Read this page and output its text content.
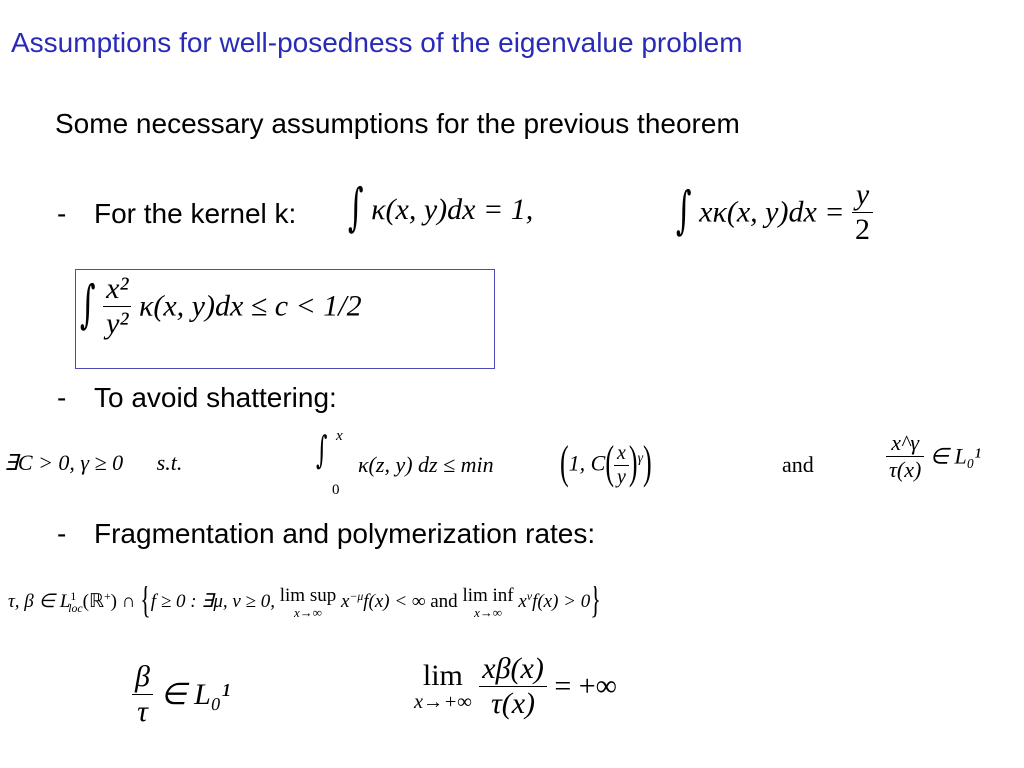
Assumptions for well-posedness of the eigenvalue problem
Some necessary assumptions for the previous theorem
- For the kernel k: ∫ κ(x, y)dx = 1,	∫ xκ(x, $y)dx = \frac{y}{2}$
∫ $\frac{\text{x²}}{\text{y²}} \kappa(x$, y)dx ≤ c < 1/2
- To avoid shattering:
∃C > 0, γ ≥ 0 s.t.
x
∫
0
κ(z, y) dz ≤ min	(1, $C( \frac{x}{y} )^\gamma$)	and	$\frac{x\^{}\gamma}{\tau(x)}$ ∈ L₀¹
- Fragmentation and polymerization rates:
τ, β ∈ $L^1_{loc}(ℝ^+)$ ∩ {f ≥ 0 : ∃μ, ν ≥ 0, lim sup
x→∞
$x^{-\mu}f(x)$ < ∞ and lim inf
x→∞
$x^\nu f(x) > 0$}
$\frac{\beta}{\tau}$ ∈ L₀¹
lim
x→+∞
$\frac{x\beta(x)}{\tau(x)}$ = +∞
